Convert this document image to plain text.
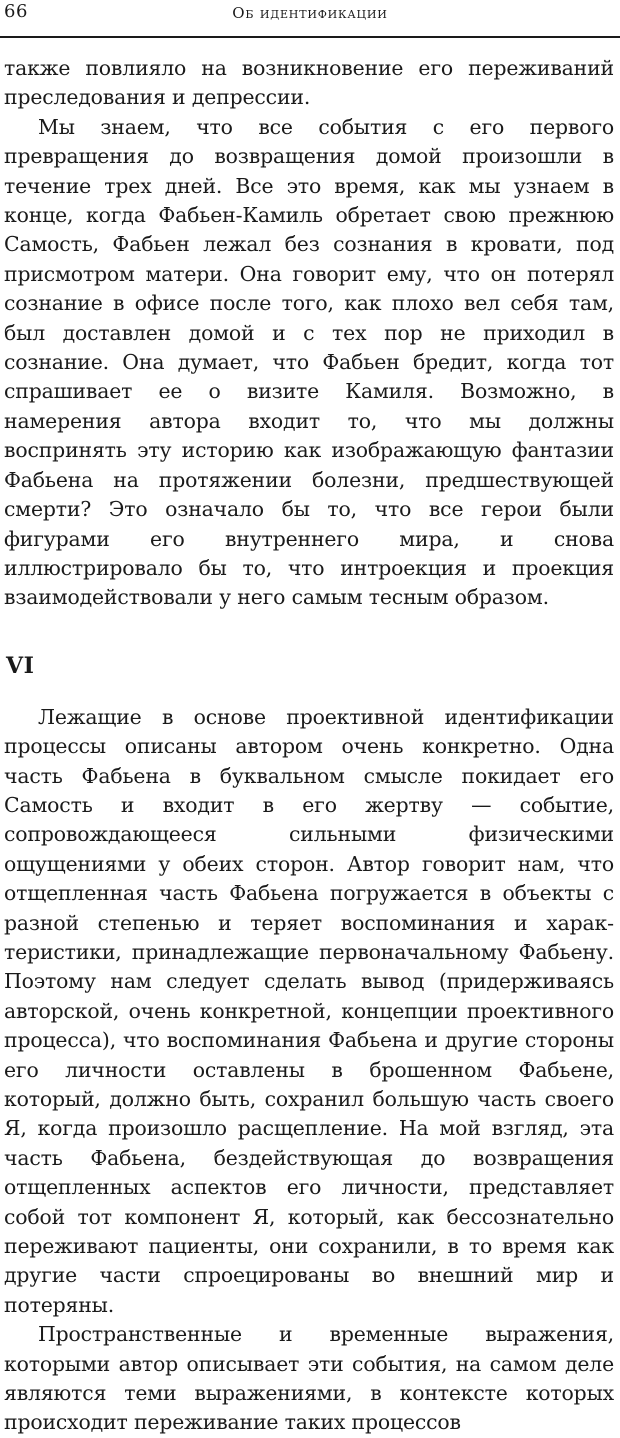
66	Об идентификации

также повлияло на возникновение его переживаний преследования и депрессии.

Мы знаем, что все события с его первого превращения до возвращения домой произошли в течение трех дней. Все это время, как мы узнаем в конце, когда Фабьен-Камиль обретает свою прежнюю Самость, Фабьен лежал без сознания в кровати, под присмотром матери. Она говорит ему, что он потерял сознание в офисе после того, как плохо вел себя там, был доставлен домой и с тех пор не приходил в сознание. Она думает, что Фабьен бредит, когда тот спрашивает ее о визите Камиля. Возможно, в намерения автора входит то, что мы должны воспринять эту историю как изображающую фантазии Фабьена на протяжении болезни, предшествующей смерти? Это означало бы то, что все герои были фигурами его внутреннего мира, и снова иллюстрировало бы то, что интроекция и проекция взаимодействовали у него самым тесным образом.

VI

Лежащие в основе проективной идентификации процессы описаны автором очень конкретно. Одна часть Фабьена в буквальном смысле покидает его Самость и входит в его жертву — событие, сопровождающееся сильными физическими ощущениями у обеих сторон. Автор говорит нам, что отщепленная часть Фабьена погружается в объекты с разной степенью и теряет воспоминания и характеристики, принадлежащие первоначальному Фабьену. Поэтому нам следует сделать вывод (придерживаясь авторской, очень конкретной, концепции проективного процесса), что воспоминания Фабьена и другие стороны его личности оставлены в брошенном Фабьене, который, должно быть, сохранил большую часть своего Я, когда произошло расщепление. На мой взгляд, эта часть Фабьена, бездействующая до возвращения отщепленных аспектов его личности, представляет собой тот компонент Я, который, как бессознательно переживают пациенты, они сохранили, в то время как другие части спроецированы во внешний мир и потеряны.

Пространственные и временные выражения, которыми автор описывает эти события, на самом деле являются теми выражениями, в контексте которых происходит переживание таких процессов
